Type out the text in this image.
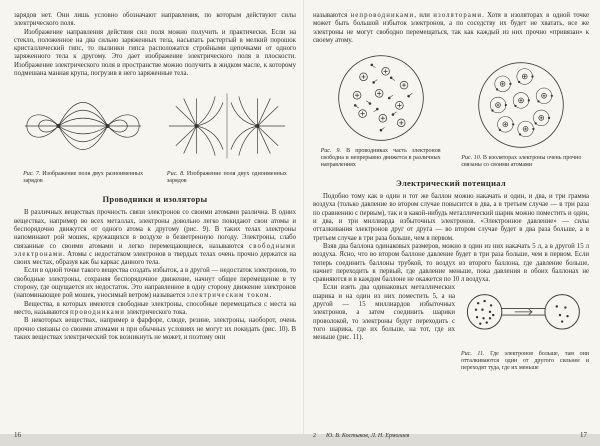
зарядов нет. Они лишь условно обозначают направления, по которым действуют силы электрического поля.

Изображение направления действия сил поля можно получить и практически. Если на стекло, положенное на два сильно заряженных тела, насыпать растертый в мелкий порошок кристаллический гипс, то пылинки гипса расположатся стройными цепочками от одного заряженного тела к другому. Это дает изображение электрического поля в плоскости. Изображение электрического поля в пространстве можно получить в жидком масле, к которому подмешана манная крупа, погрузив в него заряженные тела.

Рис. 7. Изображение поля двух разноименных зарядов
Рис. 8. Изображение поля двух одноименных зарядов
Проводники и изоляторы

В различных веществах прочность связи электронов со своими атомами различна. В одних веществах, например во всех металлах, электроны довольно легко покидают свои атомы и беспорядочно движутся от одного атома к другому (рис. 9). В таких телах электроны напоминают рой мошек, кружащихся в воздухе в безветренную погоду. Электроны, слабо связанные со своими атомами и легко перемещающиеся, называются свободными электронами. Атомы с недостатком электронов в твердых телах очень прочно держатся на своих местах, образуя как бы каркас данного тела.

Если в одной точке такого вещества создать избыток, а в другой — недостаток электронов, то свободные электроны, сохраняя беспорядочное движение, начнут общее перемещение в ту сторону, где ощущается их недостаток. Это направленное в одну сторону движение электронов (напоминающее рой мошек, уносимый ветром) называется электрическим током.

Вещества, в которых имеются свободные электроны, способные перемещаться с места на место, называются проводниками электрического тока.

В некоторых веществах, например в фарфоре, слюде, резине, электроны, наоборот, очень прочно связаны со своими атомами и при обычных условиях не могут их покидать (рис. 10). В таких веществах электрический ток возникнуть не может, и поэтому они

16

называются непроводниками, или изоляторами. Хотя в изоляторах в одной точке может быть большой избыток электронов, а по соседству их будет не хватать, все же электроны не могут свободно перемещаться, так как каждый из них прочно «привязан» к своему атому.

Рис. 9. В проводниках часть электронов свободна и непрерывно движется в различных направлениях
Рис. 10. В изоляторах электроны очень прочно связаны со своими атомами
Электрический потенциал

Подобно тому как в один и тот же баллон можно накачать и один, и два, и три грамма воздуха (только давление во втором случае повысится в два, а в третьем случае — в три раза по сравнению с первым), так и в какой-нибудь металлический шарик можно поместить и один, и два, и три миллиарда избыточных электронов. «Электронное давление» — силы отталкивания электронов друг от друга — во втором случае будет в два раза больше, а в третьем случае в три раза больше, чем в первом.

Взяв два баллона одинаковых размеров, можно в один из них накачать 5 л, а в другой 15 л воздуха. Ясно, что во втором баллоне давление будет в три раза больше, чем в первом. Если теперь соединить баллоны трубкой, то воздух из второго баллона, где давление больше, начнет переходить в первый, где давление меньше, пока давления в обоих баллонах не сравняются и в каждом баллоне не окажется по 10 л воздуха.

Рис. 11. Где электронов больше, там они отталкиваются один от другого сильнее и переходят туда, где их меньше

Если взять два одинаковых металлических шарика и на один из них поместить 5, а на другой — 15 миллиардов избыточных электронов, а затем соединить шарики проволокой, то электроны будут переходить с того шарика, где их больше, на тот, где их меньше (рис. 11).

2 Ю. В. Костыков, Л. Н. Ермолаев	17
